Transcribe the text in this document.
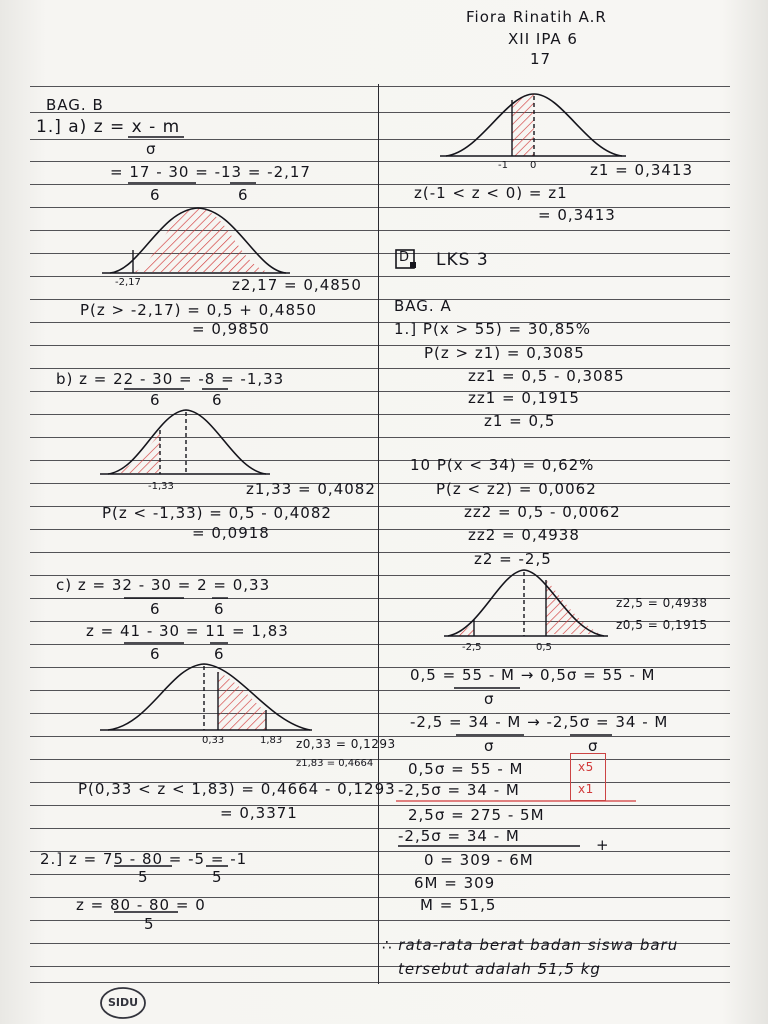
Fiora Rinatih A.R
XII IPA 6
17
BAG. B
1.] a) z = x - m
σ
= 17 - 30 = -13 = -2,17
6	6
-2,17	z2,17 = 0,4850
P(z > -2,17) = 0,5 + 0,4850
= 0,9850
b) z = 22 - 30 = -8 = -1,33
6	6
-1,33	z1,33 = 0,4082
P(z < -1,33) = 0,5 - 0,4082
= 0,0918
c) z = 32 - 30 = 2 = 0,33
6	6
z = 41 - 30 = 11 = 1,83
6	6
0,33	1,83 z0,33 = 0,1293
z1,83 = 0,4664
P(0,33 < z < 1,83) = 0,4664 - 0,1293
= 0,3371
2.] z = 75 - 80 = -5 = -1
5	5
z = 80 - 80 = 0
5
-1 0	z1 = 0,3413
z(-1 < z < 0) = z1
= 0,3413
D LKS 3
BAG. A
1.] P(x > 55) = 30,85%
P(z > z1) = 0,3085
zz1 = 0,5 - 0,3085
zz1 = 0,1915
z1 = 0,5
10 P(x < 34) = 0,62%
P(z < z2) = 0,0062
zz2 = 0,5 - 0,0062
zz2 = 0,4938
z2 = -2,5
-2,5	0,5
z2,5 = 0,4938
z0,5 = 0,1915
0,5 = 55 - M → 0,5σ = 55 - M
σ
-2,5 = 34 - M → -2,5σ = 34 - M
σ	σ
0,5σ = 55 - M
-2,5σ = 34 - M
x5
x1
2,5σ = 275 - 5M
-2,5σ = 34 - M	+
0 = 309 - 6M
6M = 309
M = 51,5
∴ rata-rata berat badan siswa baru
tersebut adalah 51,5 kg
SIDU
